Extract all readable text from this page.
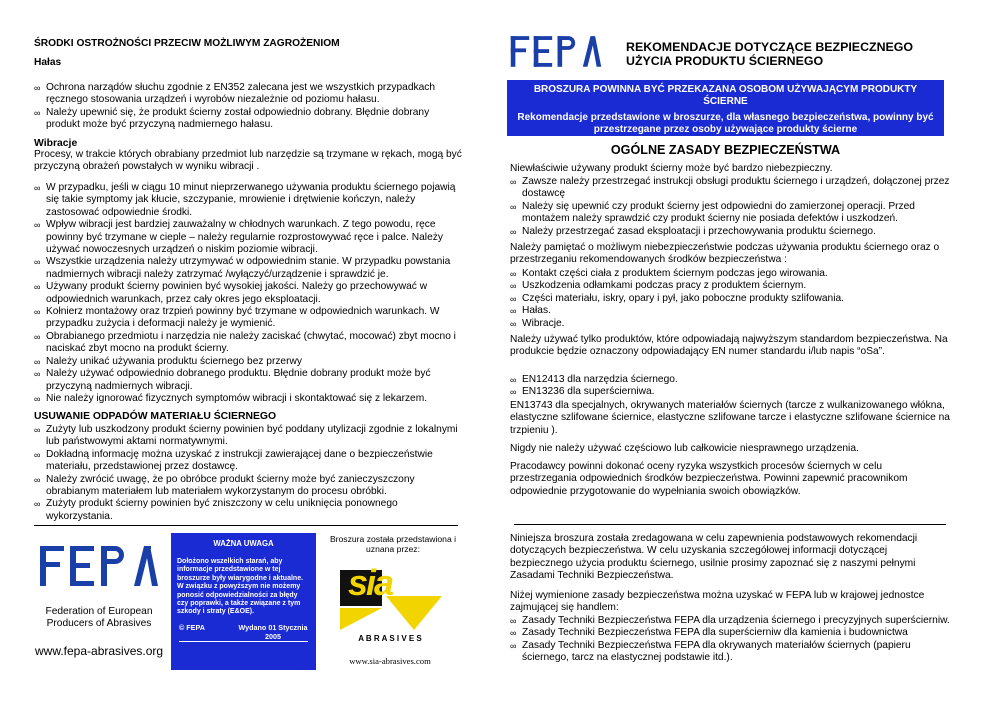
ŚRODKI OSTROŻNOŚCI PRZECIW MOŻLIWYM ZAGROŻENIOM
Hałas
∞ Ochrona narządów słuchu zgodnie z EN352 zalecana jest we wszystkich przypadkach ręcznego stosowania urządzeń i wyrobów niezależnie od poziomu hałasu.
∞ Należy upewnić się, że produkt ścierny został odpowiednio dobrany. Błędnie dobrany produkt może być przyczyną nadmiernego hałasu.
Wibracje
Procesy, w trakcie których obrabiany przedmiot lub narzędzie są trzymane w rękach, mogą być przyczyną obrażeń powstałych w wyniku wibracji .
∞ W przypadku, jeśli w ciągu 10 minut nieprzerwanego używania produktu ściernego pojawią się takie symptomy jak kłucie, szczypanie, mrowienie i drętwienie kończyn, należy zastosować odpowiednie środki.
∞ Wpływ wibracji jest bardziej zauważalny w chłodnych warunkach. Z tego powodu, ręce powinny być trzymane w cieple – należy regularnie rozprostowywać ręce i palce. Należy używać nowoczesnych urządzeń o niskim poziomie wibracji.
∞ Wszystkie urządzenia należy utrzymywać w odpowiednim stanie. W przypadku powstania nadmiernych wibracji należy zatrzymać /wyłączyć/urządzenie i sprawdzić je.
∞ Używany produkt ścierny powinien być wysokiej jakości. Należy go przechowywać w odpowiednich warunkach, przez cały okres jego eksploatacji.
∞ Kołnierz montażowy oraz trzpień powinny być trzymane w odpowiednich warunkach. W przypadku zużycia i deformacji należy je wymienić.
∞ Obrabianego przedmiotu i narzędzia nie należy zaciskać (chwytać, mocować) zbyt mocno i naciskać zbyt mocno na produkt ścierny.
∞ Należy unikać używania produktu ściernego bez przerwy
∞ Należy używać odpowiednio dobranego produktu. Błędnie dobrany produkt może być przyczyną nadmiernych wibracji.
∞ Nie należy ignorować fizycznych symptomów wibracji i skontaktować się z lekarzem.
USUWANIE ODPADÓW MATERIAŁU ŚCIERNEGO
∞ Zużyty lub uszkodzony produkt ścierny powinien być poddany utylizacji zgodnie z lokalnymi lub państwowymi aktami normatywnymi.
∞ Dokładną informację można uzyskać z instrukcji zawierającej dane o bezpieczeństwie materiału, przedstawionej przez dostawcę.
∞ Należy zwrócić uwagę, że po obróbce produkt ścierny może być zanieczyszczony obrabianym materiałem lub materiałem wykorzystanym do procesu obróbki.
∞ Zużyty produkt ścierny powinien być zniszczony w celu uniknięcia ponownego wykorzystania.
Federation of European
Producers of Abrasives
www.fepa-abrasives.org
WAŻNA UWAGA
Dołożono wszelkich starań, aby informacje przedstawione w tej broszurze były wiarygodne i aktualne. W związku z powyższym nie możemy ponosić odpowiedzialności za błędy czy poprawki, a także związane z tym szkody i straty (E&OE).
© FEPA	Wydano 01 Stycznia 2005
Broszura została przedstawiona i uznana przez:
sia
A B R A S I V E S
www.sia-abrasives.com
REKOMENDACJE DOTYCZĄCE BEZPIECZNEGO
UŻYCIA PRODUKTU ŚCIERNEGO
BROSZURA POWINNA BYĆ PRZEKAZANA OSOBOM UŻYWAJĄCYM PRODUKTY ŚCIERNE
Rekomendacje przedstawione w broszurze, dla własnego bezpieczeństwa, powinny być przestrzegane przez osoby używające produkty ścierne
OGÓLNE ZASADY BEZPIECZEŃSTWA
Niewłaściwie używany produkt ścierny może być bardzo niebezpieczny.
∞ Zawsze należy przestrzegać instrukcji obsługi produktu ściernego i urządzeń, dołączonej przez dostawcę
∞ Należy się upewnić czy produkt ścierny jest odpowiedni do zamierzonej operacji. Przed montażem należy sprawdzić czy produkt ścierny nie posiada defektów i uszkodzeń.
∞ Należy przestrzegać zasad eksploatacji i przechowywania produktu ściernego.
Należy pamiętać o możliwym niebezpieczeństwie podczas używania produktu ściernego oraz o przestrzeganiu rekomendowanych środków bezpieczeństwa :
∞ Kontakt części ciała z produktem ściernym podczas jego wirowania.
∞ Uszkodzenia odłamkami podczas pracy z produktem ściernym.
∞ Części materiału, iskry, opary i pył, jako poboczne produkty szlifowania.
∞ Hałas.
∞ Wibracje.
Należy używać tylko produktów, które odpowiadają najwyższym standardom bezpieczeństwa. Na produkcie będzie oznaczony odpowiadający EN numer standardu i/lub napis “oSa”.
∞ EN12413 dla narzędzia ściernego.
∞ EN13236 dla superściernіwa.
EN13743 dla specjalnych, okrywanych materiałów ściernych (tarcze z wulkanizowanego włókna, elastyczne szlifowane ściernice, elastyczne szlifowane tarcze i elastyczne szlifowane ściernice na trzpieniu ).
Nigdy nie należy używać częściowo lub całkowicie niesprawnego urządzenia.
Pracodawcy powinni dokonać oceny ryzyka wszystkich procesów ściernych w celu przestrzegania odpowiednich środków bezpieczeństwa. Powinni zapewnić pracownikom odpowiednie przygotowanie do wypełniania swoich obowiązków.
Niniejsza broszura została zredagowana w celu zapewnienia podstawowych rekomendacji dotyczących bezpieczeństwa. W celu uzyskania szczegółowej informacji dotyczącej bezpiecznego użycia produktu ściernego, usilnie prosimy zapoznać się z naszymi pełnymi Zasadami Techniki Bezpieczeństwa.
Niżej wymienione zasady bezpieczeństwa można uzyskać w FEPA lub w krajowej jednostce zajmującej się handlem:
∞ Zasady Techniki Bezpieczeństwa FEPA dla urządzenia ściernego i precyzyjnych superściernіw.
∞ Zasady Techniki Bezpieczeństwa FEPA dla superściernіw dla kamienia i budownictwa
∞ Zasady Techniki Bezpieczeństwa FEPA dla okrywanych materiałów ściernych (papieru ściernego, tarcz na elastycznej podstawie itd.).
